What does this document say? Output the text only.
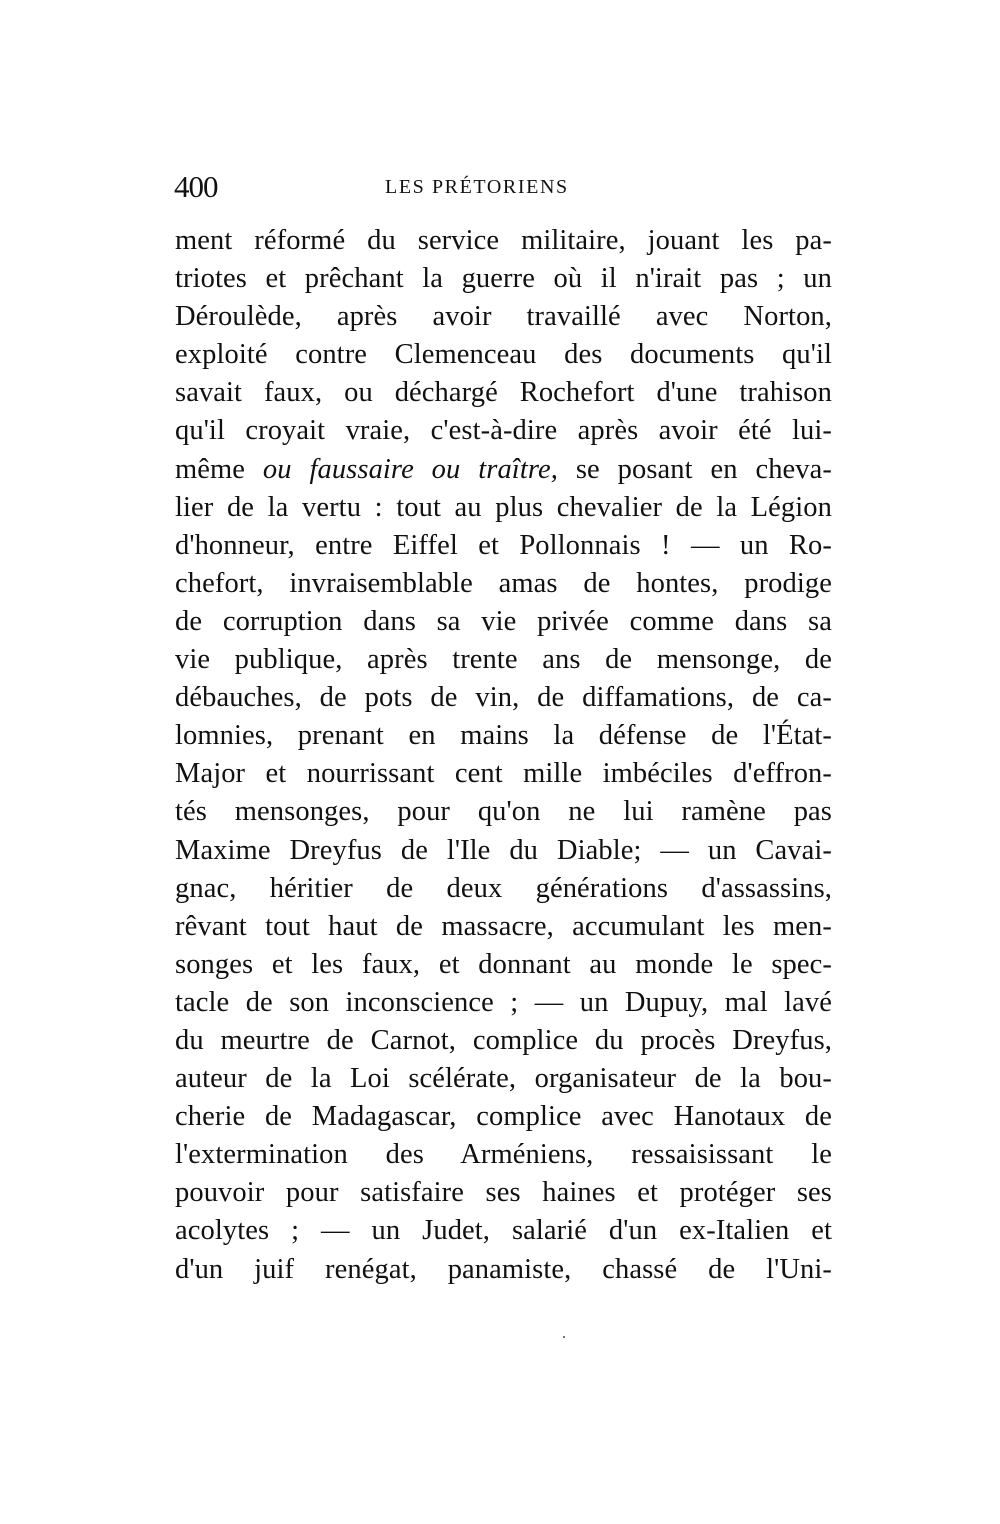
400	LES PRÉTORIENS
ment réformé du service militaire, jouant les pa-
triotes et prêchant la guerre où il n'irait pas ; un
Déroulède, après avoir travaillé avec Norton,
exploité contre Clemenceau des documents qu'il
savait faux, ou déchargé Rochefort d'une trahison
qu'il croyait vraie, c'est-à-dire après avoir été lui-
même ou faussaire ou traître, se posant en cheva-
lier de la vertu : tout au plus chevalier de la Légion
d'honneur, entre Eiffel et Pollonnais ! — un Ro-
chefort, invraisemblable amas de hontes, prodige
de corruption dans sa vie privée comme dans sa
vie publique, après trente ans de mensonge, de
débauches, de pots de vin, de diffamations, de ca-
lomnies, prenant en mains la défense de l'État-
Major et nourrissant cent mille imbéciles d'effron-
tés mensonges, pour qu'on ne lui ramène pas
Maxime Dreyfus de l'Ile du Diable; — un Cavai-
gnac, héritier de deux générations d'assassins,
rêvant tout haut de massacre, accumulant les men-
songes et les faux, et donnant au monde le spec-
tacle de son inconscience ; — un Dupuy, mal lavé
du meurtre de Carnot, complice du procès Dreyfus,
auteur de la Loi scélérate, organisateur de la bou-
cherie de Madagascar, complice avec Hanotaux de
l'extermination des Arméniens, ressaisissant le
pouvoir pour satisfaire ses haines et protéger ses
acolytes ; — un Judet, salarié d'un ex-Italien et
d'un juif renégat, panamiste, chassé de l'Uni-
